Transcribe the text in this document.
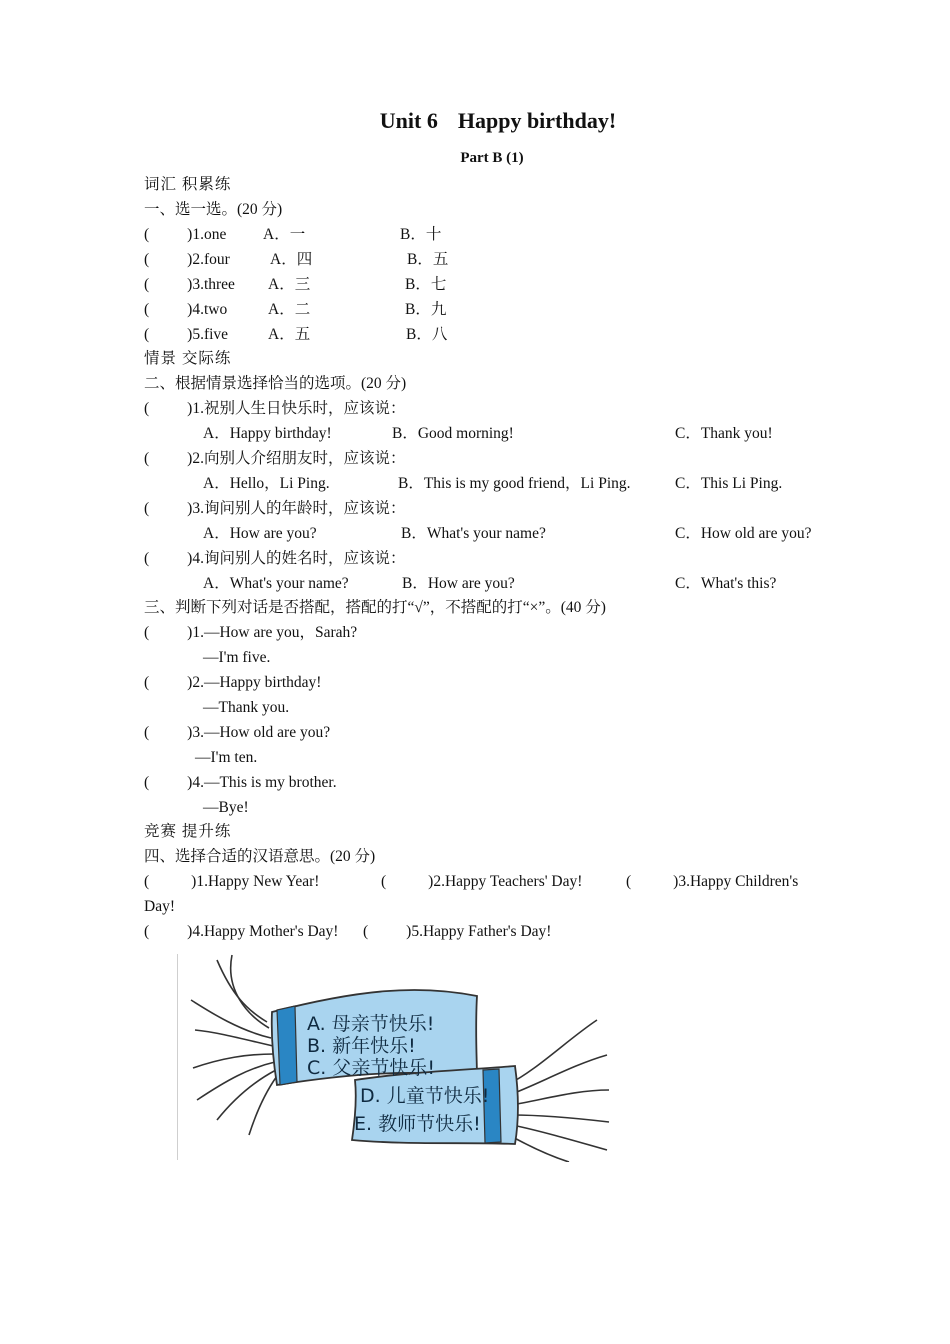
Unit 6 Happy birthday!
Part B (1)
词汇 积累练
一、选一选。(20 分)
( )1.one A．一	B．十
( )2.four	A．四	B．五
( )3.three A．三	B．七
( )4.two	A．二	B．九
( )5.five	A．五	B．八
情景 交际练
二、根据情景选择恰当的选项。(20 分)
( )1.祝别人生日快乐时，应该说：
A．Happy birthday!	B．Good morning!	C．Thank you!
( )2.向别人介绍朋友时，应该说：
A．Hello，Li Ping.	B．This is my good friend，Li Ping.	C．This Li Ping.
( )3.询问别人的年龄时，应该说：
A．How are you?	B．What's your name?	C．How old are you?
( )4.询问别人的姓名时，应该说：
A．What's your name?	B．How are you?	C．What's this?
三、判断下列对话是否搭配，搭配的打“√”，不搭配的打“×”。(40 分)
( )1.—How are you，Sarah?
—I'm five.
( )2.—Happy birthday!
—Thank you.
( )3.—How old are you?
—I'm ten.
( )4.—This is my brother.
—Bye!
竞赛 提升练
四、选择合适的汉语意思。(20 分)
(	)1.Happy New Year!	(	)2.Happy Teachers' Day!	(	)3.Happy Children's
Day!
( )4.Happy Mother's Day! ( )5.Happy Father's Day!
A. 母亲节快乐!
B. 新年快乐!
C. 父亲节快乐!
D. 儿童节快乐!
E. 教师节快乐!
